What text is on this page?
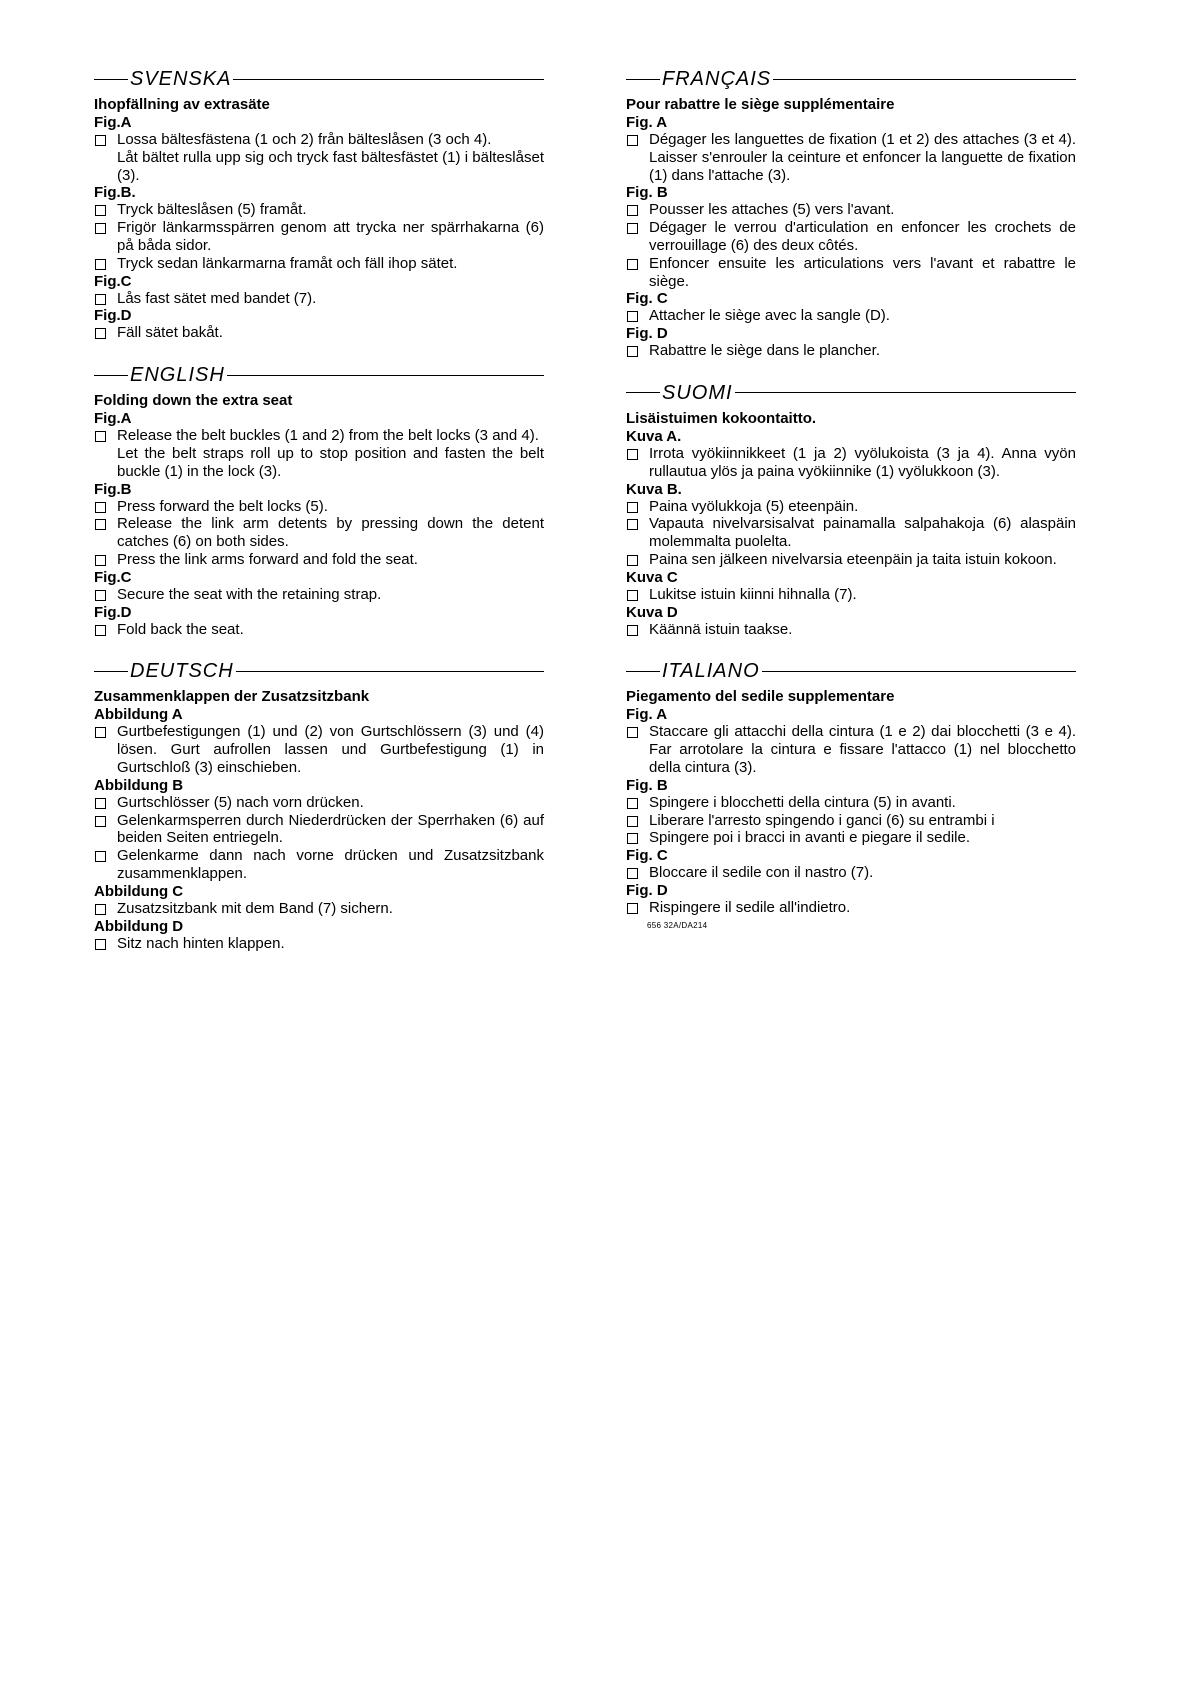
SVENSKA
Ihopfällning av extrasäte
Fig.A
Lossa bältesfästena (1 och 2) från bälteslåsen (3 och 4).
Låt bältet rulla upp sig och tryck fast bältesfästet (1) i bälteslåset (3).
Fig.B.
Tryck bälteslåsen (5) framåt.
Frigör länkarmsspärren genom att trycka ner spärrhakarna (6) på båda sidor.
Tryck sedan länkarmarna framåt och fäll ihop sätet.
Fig.C
Lås fast sätet med bandet (7).
Fig.D
Fäll sätet bakåt.
ENGLISH
Folding down the extra seat
Fig.A
Release the belt buckles (1 and 2) from the belt locks (3 and 4).
Let the belt straps roll up to stop position and fasten the belt buckle (1) in the lock (3).
Fig.B
Press forward the belt locks (5).
Release the link arm detents by pressing down the detent catches (6) on both sides.
Press the link arms forward and fold the seat.
Fig.C
Secure the seat with the retaining strap.
Fig.D
Fold back the seat.
DEUTSCH
Zusammenklappen der Zusatzsitzbank
Abbildung A
Gurtbefestigungen (1) und (2) von Gurtschlössern (3) und (4) lösen. Gurt aufrollen lassen und Gurtbefestigung (1) in Gurtschloß (3) einschieben.
Abbildung B
Gurtschlösser (5) nach vorn drücken.
Gelenkarmsperren durch Niederdrücken der Sperrhaken (6) auf beiden Seiten entriegeln.
Gelenkarme dann nach vorne drücken und Zusatzsitzbank zusammenklappen.
Abbildung C
Zusatzsitzbank mit dem Band (7) sichern.
Abbildung D
Sitz nach hinten klappen.
FRANÇAIS
Pour rabattre le siège supplémentaire
Fig. A
Dégager les languettes de fixation (1 et 2) des attaches (3 et 4). Laisser s'enrouler la ceinture et enfoncer la languette de fixation (1) dans l'attache (3).
Fig. B
Pousser les attaches (5) vers l'avant.
Dégager le verrou d'articulation en enfoncer les crochets de verrouillage (6) des deux côtés.
Enfoncer ensuite les articulations vers l'avant et rabattre le siège.
Fig. C
Attacher le siège avec la sangle (D).
Fig. D
Rabattre le siège dans le plancher.
SUOMI
Lisäistuimen kokoontaitto.
Kuva A.
Irrota vyökiinnikkeet (1 ja 2) vyölukoista (3 ja 4). Anna vyön rullautua ylös ja paina vyökiinnike (1) vyölukkoon (3).
Kuva B.
Paina vyölukkoja (5) eteenpäin.
Vapauta nivelvarsisalvat painamalla salpahakoja (6) alaspäin molemmalta puolelta.
Paina sen jälkeen nivelvarsia eteenpäin ja taita istuin kokoon.
Kuva C
Lukitse istuin kiinni hihnalla (7).
Kuva D
Käännä istuin taakse.
ITALIANO
Piegamento del sedile supplementare
Fig. A
Staccare gli attacchi della cintura (1 e 2) dai blocchetti (3 e 4). Far arrotolare la cintura e fissare l'attacco (1) nel blocchetto della cintura (3).
Fig. B
Spingere i blocchetti della cintura (5) in avanti.
Liberare l'arresto spingendo i ganci (6) su entrambi i
Spingere poi i bracci in avanti e piegare il sedile.
Fig. C
Bloccare il sedile con il nastro (7).
Fig. D
Rispingere il sedile all'indietro.
656 32A/DA214
